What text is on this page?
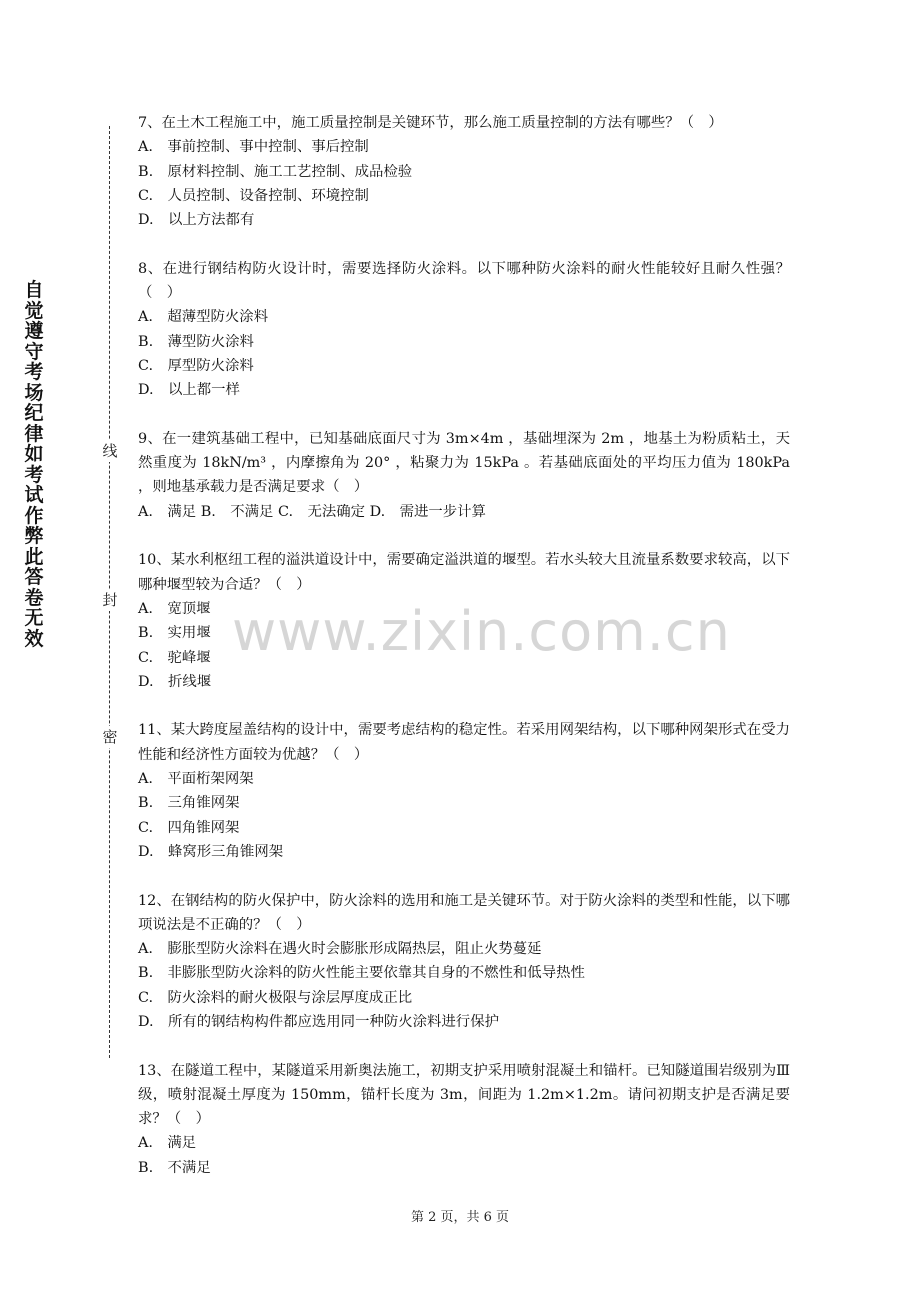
自觉遵守考场纪律如考试作弊此答卷无效
线
封
密
www.zixin.com.cn

7、在土木工程施工中，施工质量控制是关键环节，那么施工质量控制的方法有哪些？（　）

A.　事前控制、事中控制、事后控制

B.　原材料控制、施工工艺控制、成品检验

C.　人员控制、设备控制、环境控制

D.　以上方法都有

8、在进行钢结构防火设计时，需要选择防火涂料。以下哪种防火涂料的耐火性能较好且耐久性强？（　）

A.　超薄型防火涂料

B.　薄型防火涂料

C.　厚型防火涂料

D.　以上都一样

9、在一建筑基础工程中，已知基础底面尺寸为 3m×4m ，基础埋深为 2m ，地基土为粉质粘土，天然重度为 18kN/m³ ，内摩擦角为 20° ，粘聚力为 15kPa 。若基础底面处的平均压力值为 180kPa ，则地基承载力是否满足要求（　）

A.　满足 B.　不满足 C.　无法确定 D.　需进一步计算

10、某水利枢纽工程的溢洪道设计中，需要确定溢洪道的堰型。若水头较大且流量系数要求较高，以下哪种堰型较为合适？（　）

A.　宽顶堰

B.　实用堰

C.　驼峰堰

D.　折线堰

11、某大跨度屋盖结构的设计中，需要考虑结构的稳定性。若采用网架结构，以下哪种网架形式在受力性能和经济性方面较为优越？（　）

A.　平面桁架网架

B.　三角锥网架

C.　四角锥网架

D.　蜂窝形三角锥网架

12、在钢结构的防火保护中，防火涂料的选用和施工是关键环节。对于防火涂料的类型和性能，以下哪项说法是不正确的？（　）

A.　膨胀型防火涂料在遇火时会膨胀形成隔热层，阻止火势蔓延

B.　非膨胀型防火涂料的防火性能主要依靠其自身的不燃性和低导热性

C.　防火涂料的耐火极限与涂层厚度成正比

D.　所有的钢结构构件都应选用同一种防火涂料进行保护

13、在隧道工程中，某隧道采用新奥法施工，初期支护采用喷射混凝土和锚杆。已知隧道围岩级别为Ⅲ级，喷射混凝土厚度为 150mm，锚杆长度为 3m，间距为 1.2m×1.2m。请问初期支护是否满足要求？（　）

A.　满足

B.　不满足

第 2 页，共 6 页
